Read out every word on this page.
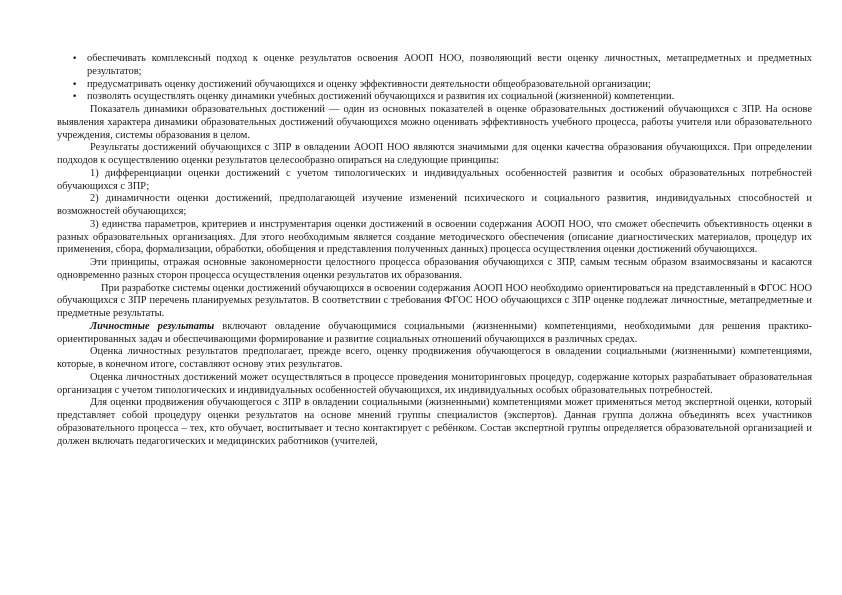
• обеспечивать комплексный подход к оценке результатов освоения АООП НОО, позволяющий вести оценку личностных, метапредметных и предметных результатов;
• предусматривать оценку достижений обучающихся и оценку эффективности деятельности общеобразовательной организации;
• позволять осуществлять оценку динамики учебных достижений обучающихся и развития их социальной (жизненной) компетенции.

Показатель динамики образовательных достижений — один из основных показателей в оценке образовательных достижений обучающихся с ЗПР. На основе выявления характера динамики образовательных достижений обучающихся можно оценивать эффективность учебного процесса, работы учителя или образовательного учреждения, системы образования в целом.

Результаты достижений обучающихся с ЗПР в овладении АООП НОО являются значимыми для оценки качества образования обучающихся. При определении подходов к осуществлению оценки результатов целесообразно опираться на следующие принципы:

1) дифференциации оценки достижений с учетом типологических и индивидуальных особенностей развития и особых образовательных потребностей обучающихся с ЗПР;

2) динамичности оценки достижений, предполагающей изучение изменений психического и социального развития, индивидуальных способностей и возможностей обучающихся;

3) единства параметров, критериев и инструментария оценки достижений в освоении содержания АООП НОО, что сможет обеспечить объективность оценки в разных образовательных организациях. Для этого необходимым является создание методического обеспечения (описание диагностических материалов, процедур их применения, сбора, формализации, обработки, обобщения и представления полученных данных) процесса осуществления оценки достижений обучающихся.

Эти принципы, отражая основные закономерности целостного процесса образования обучающихся с ЗПР, самым тесным образом взаимосвязаны и касаются одновременно разных сторон процесса осуществления оценки результатов их образования.

При разработке системы оценки достижений обучающихся в освоении содержания АООП НОО необходимо ориентироваться на представленный в ФГОС НОО обучающихся с ЗПР перечень планируемых результатов. В соответствии с требования ФГОС НОО обучающихся с ЗПР оценке подлежат личностные, метапредметные и предметные результаты.

Личностные результаты включают овладение обучающимися социальными (жизненными) компетенциями, необходимыми для решения практико-ориентированных задач и обеспечивающими формирование и развитие социальных отношений обучающихся в различных средах.

Оценка личностных результатов предполагает, прежде всего, оценку продвижения обучающегося в овладении социальными (жизненными) компетенциями, которые, в конечном итоге, составляют основу этих результатов.

Оценка личностных достижений может осуществляться в процессе проведения мониторинговых процедур, содержание которых разрабатывает образовательная организация с учетом типологических и индивидуальных особенностей обучающихся, их индивидуальных особых образовательных потребностей.

Для оценки продвижения обучающегося с ЗПР в овладении социальными (жизненными) компетенциями может применяться метод экспертной оценки, который представляет собой процедуру оценки результатов на основе мнений группы специалистов (экспертов). Данная группа должна объединять всех участников образовательного процесса – тех, кто обучает, воспитывает и тесно контактирует с ребёнком. Состав экспертной группы определяется образовательной организацией и должен включать педагогических и медицинских работников (учителей,
